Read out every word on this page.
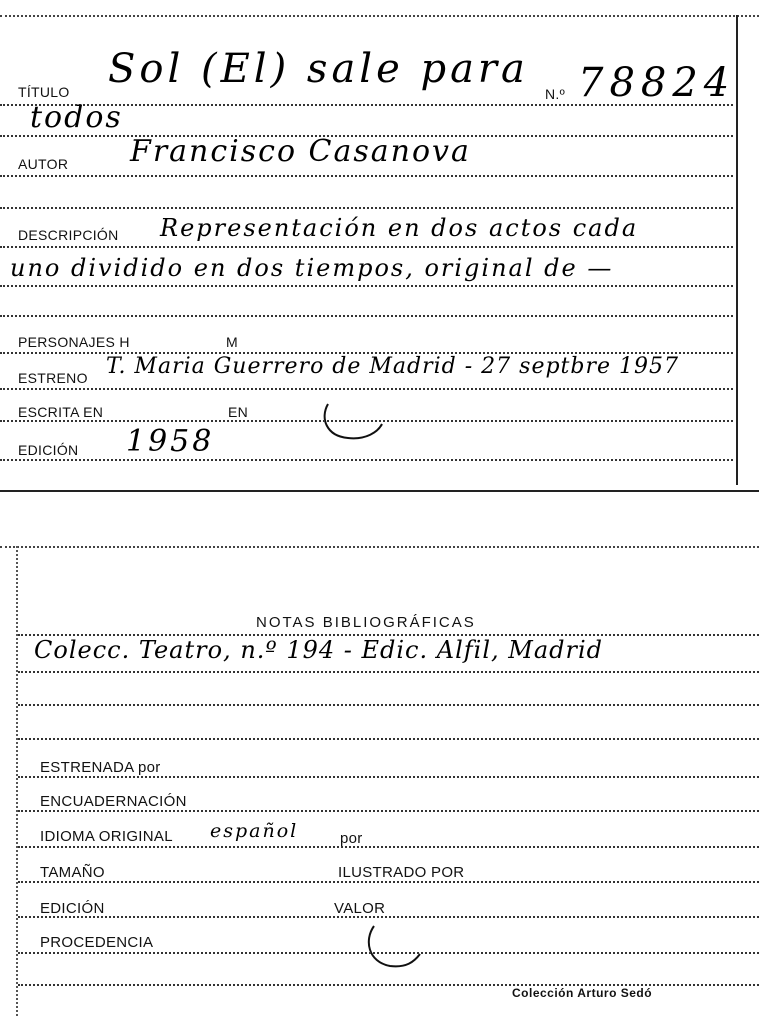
TÍTULO Sol (El) sale para
N.º 78824
todos
AUTOR Francisco Casanova
DESCRIPCIÓN Representación en dos actos cada
uno dividido en dos tiempos, original de —
PERSONAJES H	M
ESTRENO T. Maria Guerrero de Madrid - 27 septbre 1957
ESCRITA EN	EN
EDICIÓN 1958
NOTAS BIBLIOGRÁFICAS
Colecc. Teatro, n.º 194 - Edic. Alfil, Madrid
ESTRENADA por
ENCUADERNACIÓN
IDIOMA ORIGINAL español	por
TAMAÑO	ILUSTRADO POR
EDICIÓN	VALOR
PROCEDENCIA
Colección Arturo Sedó
